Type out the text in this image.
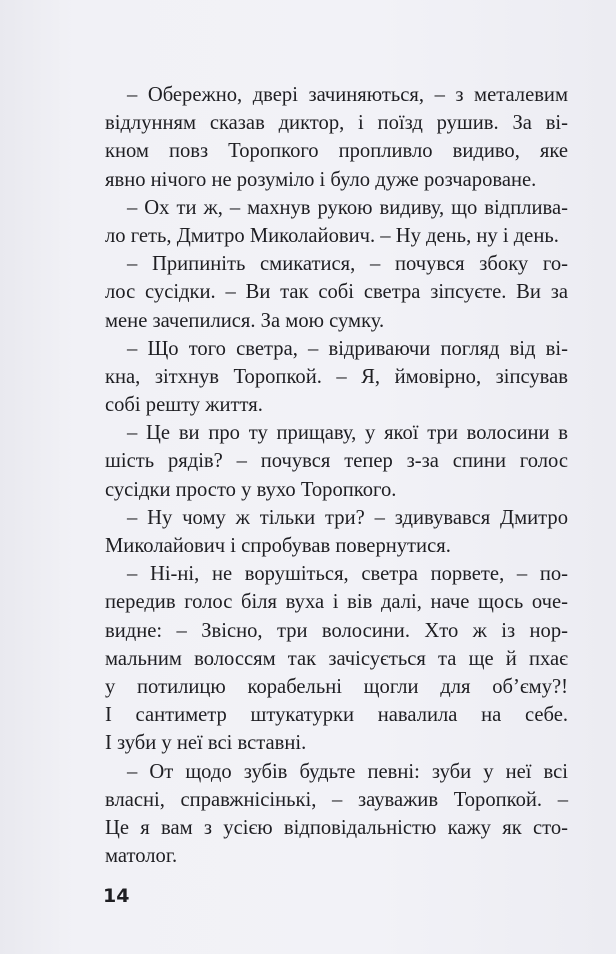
– Обережно, двері зачиняються, – з металевим
відлунням сказав диктор, і поїзд рушив. За ві-
кном повз Торопкого пропливло видиво, яке
явно нічого не розуміло і було дуже розчароване.
– Ох ти ж, – махнув рукою видиву, що відплива-
ло геть, Дмитро Миколайович. – Ну день, ну і день.
– Припиніть смикатися, – почувся збоку го-
лос сусідки. – Ви так собі светра зіпсуєте. Ви за
мене зачепилися. За мою сумку.
– Що того светра, – відриваючи погляд від ві-
кна, зітхнув Торопкой. – Я, ймовірно, зіпсував
собі решту життя.
– Це ви про ту прищаву, у якої три волосини в
шість рядів? – почувся тепер з-за спини голос
сусідки просто у вухо Торопкого.
– Ну чому ж тільки три? – здивувався Дмитро
Миколайович і спробував повернутися.
– Ні-ні, не ворушіться, светра порвете, – по-
передив голос біля вуха і вів далі, наче щось оче-
видне: – Звісно, три волосини. Хто ж із нор-
мальним волоссям так зачісується та ще й пхає
у потилицю корабельні щогли для об’єму?!
І сантиметр штукатурки навалила на себе.
І зуби у неї всі вставні.
– От щодо зубів будьте певні: зуби у неї всі
власні, справжнісінькі, – зауважив Торопкой. –
Це я вам з усією відповідальністю кажу як сто-
матолог.
14
